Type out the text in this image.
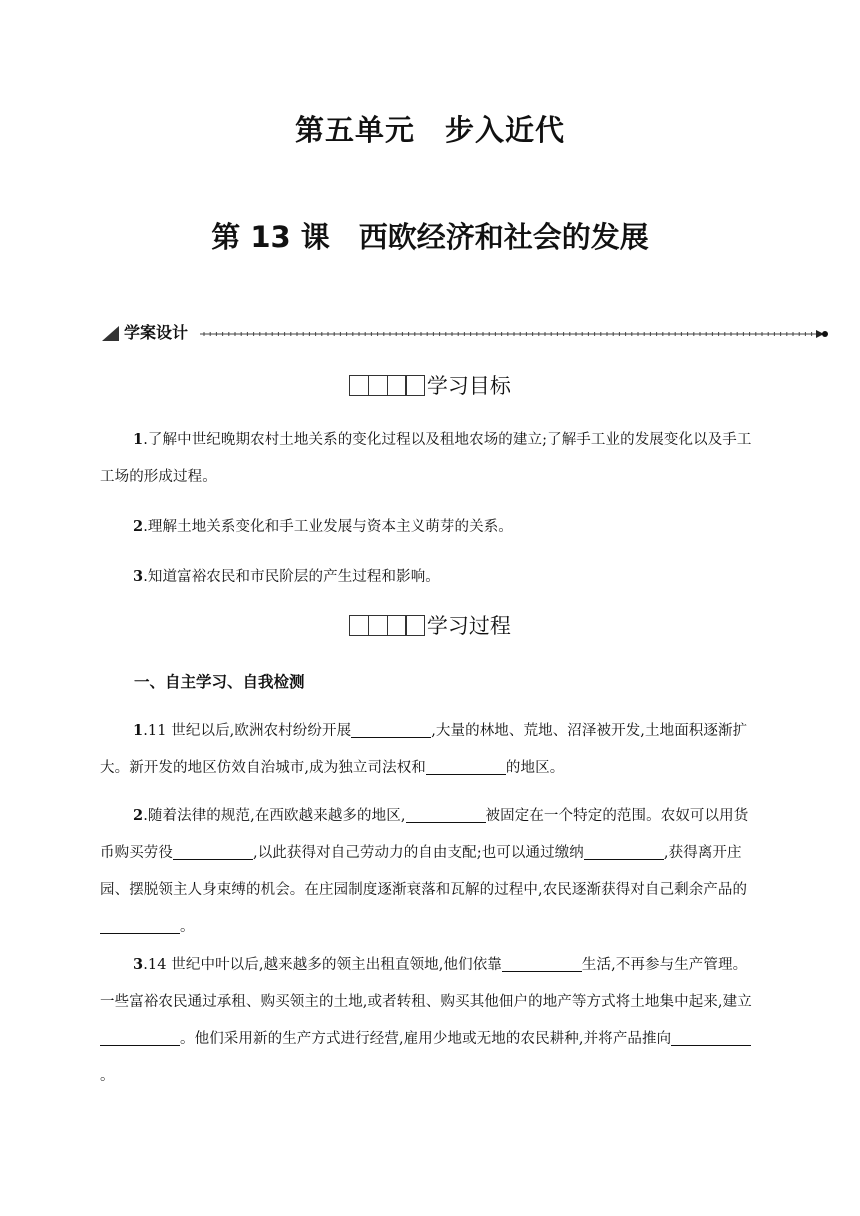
第五单元　步入近代
第 13 课　西欧经济和社会的发展
学案设计
学习目标
1.了解中世纪晚期农村土地关系的变化过程以及租地农场的建立;了解手工业的发展变化以及手工工场的形成过程。
2.理解土地关系变化和手工业发展与资本主义萌芽的关系。
3.知道富裕农民和市民阶层的产生过程和影响。
学习过程
一、自主学习、自我检测
1.11 世纪以后,欧洲农村纷纷开展	,大量的林地、荒地、沼泽被开发,土地面积逐渐扩大。新开发的地区仿效自治城市,成为独立司法权和	的地区。
2.随着法律的规范,在西欧越来越多的地区,	被固定在一个特定的范围。农奴可以用货币购买劳役	,以此获得对自己劳动力的自由支配;也可以通过缴纳	,获得离开庄园、摆脱领主人身束缚的机会。在庄园制度逐渐衰落和瓦解的过程中,农民逐渐获得对自己剩余产品的。
3.14 世纪中叶以后,越来越多的领主出租直领地,他们依靠	生活,不再参与生产管理。一些富裕农民通过承租、购买领主的土地,或者转租、购买其他佃户的地产等方式将土地集中起来,建立。他们采用新的生产方式进行经营,雇用少地或无地的农民耕种,并将产品推向。
